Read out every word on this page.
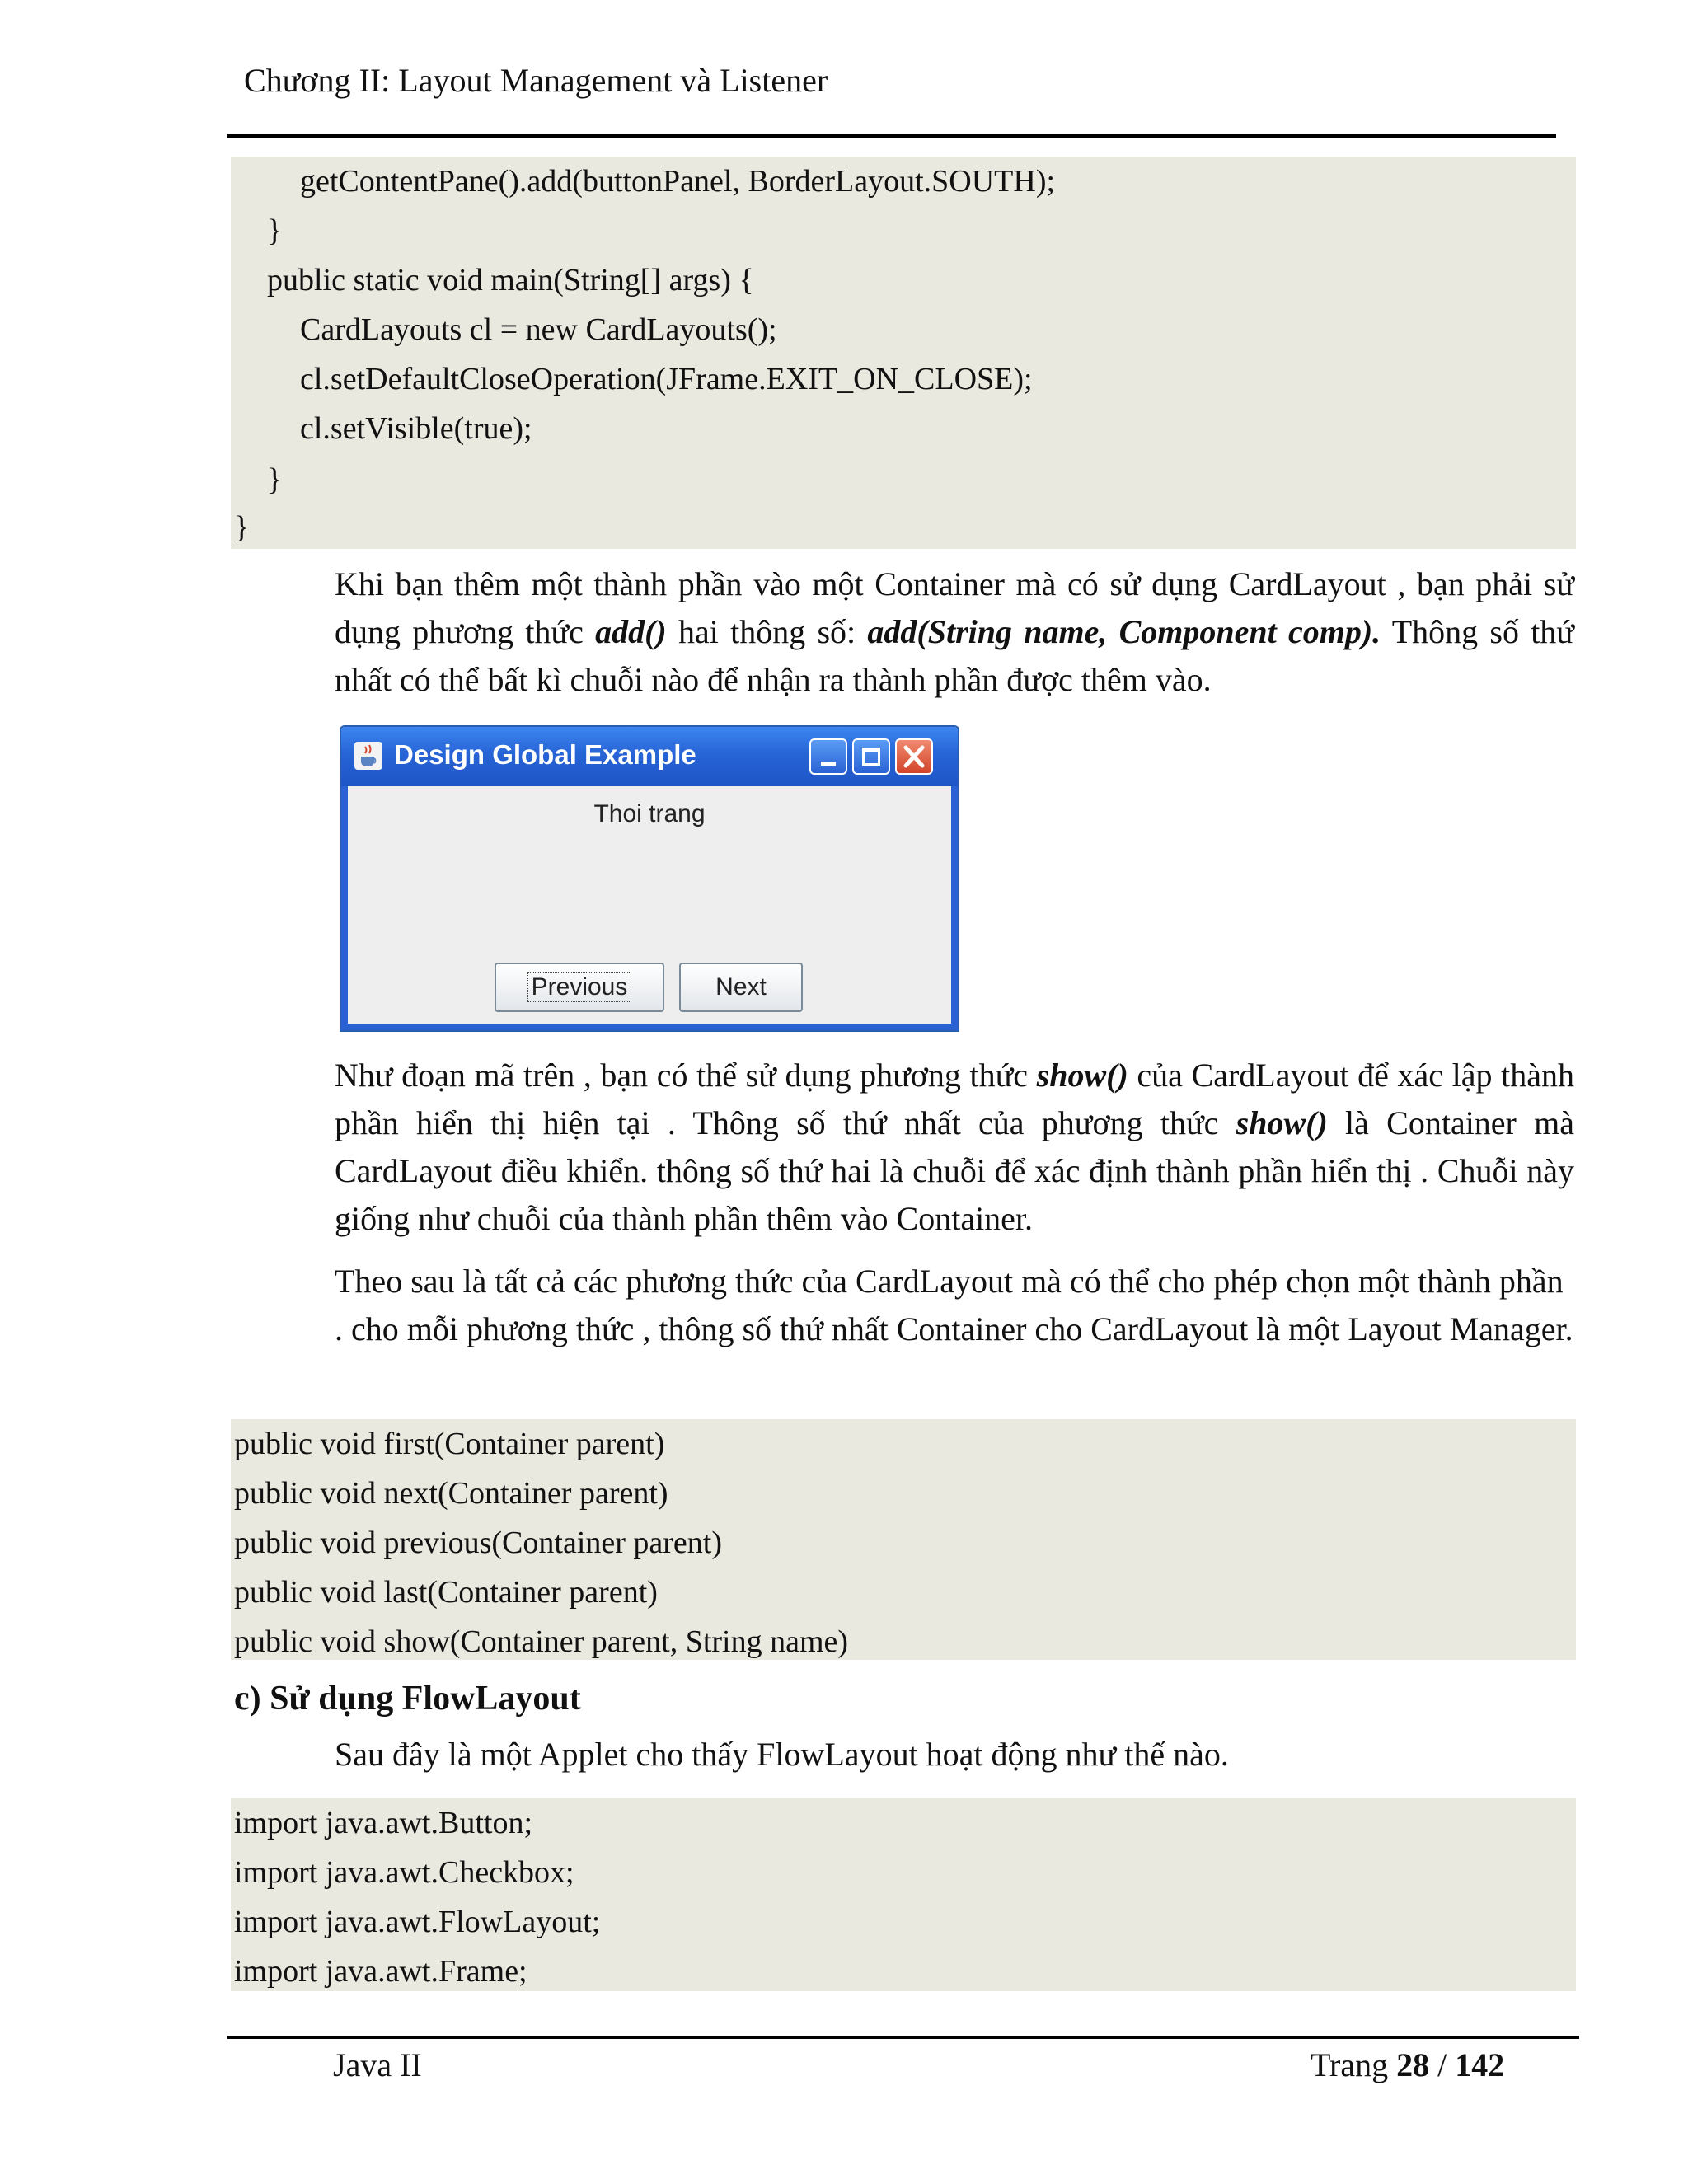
Chương II: Layout Management và Listener
getContentPane().add(buttonPanel, BorderLayout.SOUTH);
}
public static void main(String[] args) {
CardLayouts cl = new CardLayouts();
cl.setDefaultCloseOperation(JFrame.EXIT_ON_CLOSE);
cl.setVisible(true);
}
}

Khi bạn thêm một thành phần vào một Container mà có sử dụng CardLayout , bạn phải sử dụng phương thức add() hai thông số: add(String name, Component comp). Thông số thứ nhất có thể bất kì chuỗi nào để nhận ra thành phần được thêm vào.

Design Global Example
Thoi trang
Previous	Next

Như đoạn mã trên , bạn có thể sử dụng phương thức show() của CardLayout để xác lập thành phần hiển thị hiện tại . Thông số thứ nhất của phương thức show() là Container mà CardLayout điều khiển. thông số thứ hai là chuỗi để xác định thành phần hiển thị . Chuỗi này giống như chuỗi của thành phần thêm vào Container.

Theo sau là tất cả các phương thức của CardLayout mà có thể cho phép chọn một thành phần . cho mỗi phương thức , thông số thứ nhất Container cho CardLayout là một Layout Manager.

public void first(Container parent)
public void next(Container parent)
public void previous(Container parent)
public void last(Container parent)
public void show(Container parent, String name)
c) Sử dụng FlowLayout
Sau đây là một Applet cho thấy FlowLayout hoạt động như thế nào.
import java.awt.Button;
import java.awt.Checkbox;
import java.awt.FlowLayout;
import java.awt.Frame;
Java II	Trang 28 / 142
